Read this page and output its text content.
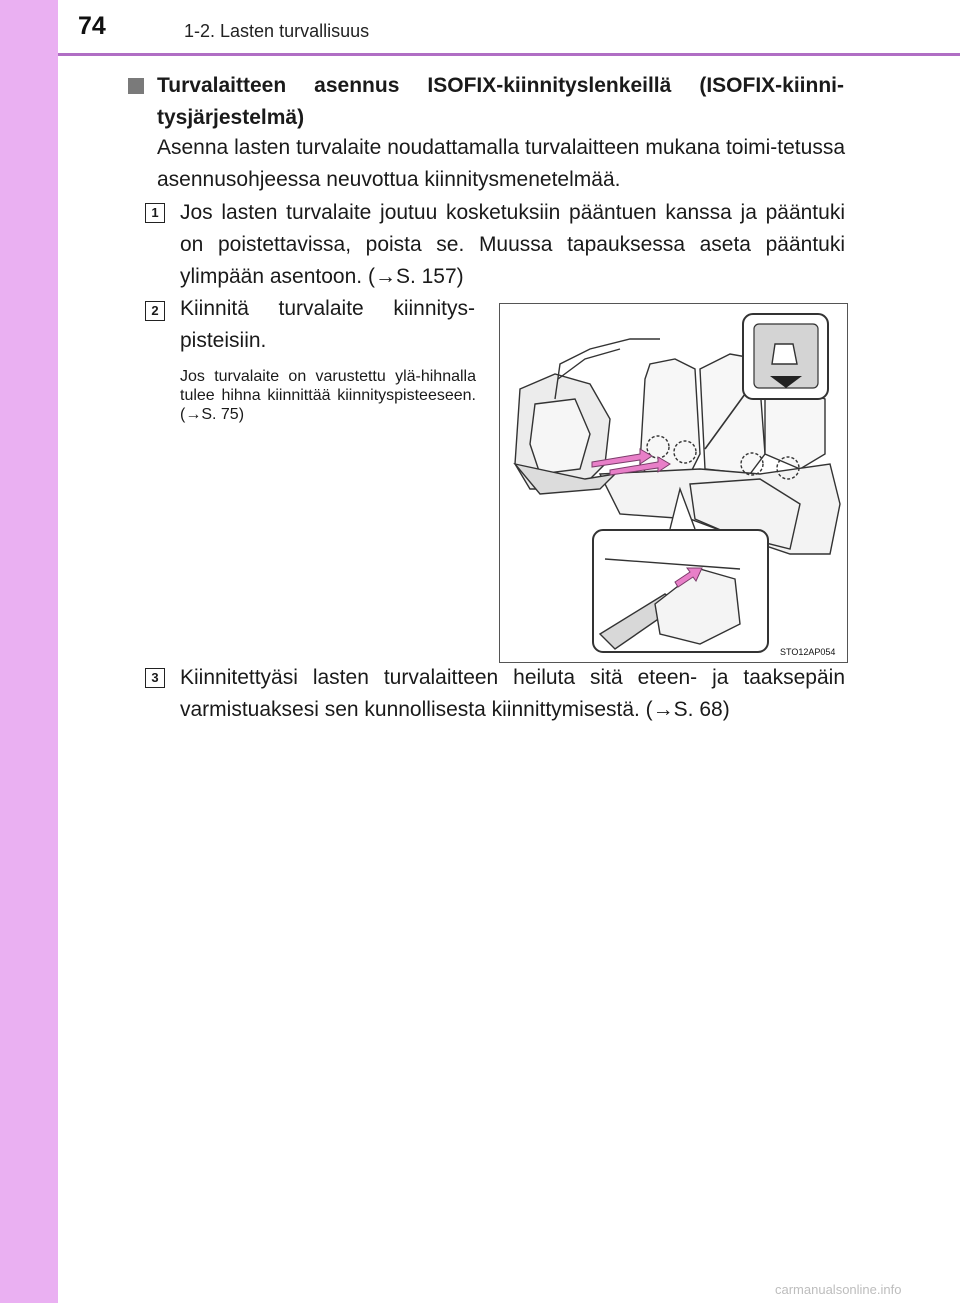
74	1-2. Lasten turvallisuus
Turvalaitteen asennus ISOFIX-kiinnityslenkeillä (ISOFIX-kiinni-tysjärjestelmä)
Asenna lasten turvalaite noudattamalla turvalaitteen mukana toimi-tetussa asennusohjeessa neuvottua kiinnitysmenetelmää.
1	Jos lasten turvalaite joutuu kosketuksiin pääntuen kanssa ja pääntuki on poistettavissa, poista se. Muussa tapauksessa aseta pääntuki ylimpään asentoon. (→S. 157)
2	Kiinnitä turvalaite kiinnitys-pisteisiin.
Jos turvalaite on varustettu ylä-hihnalla tulee hihna kiinnittää kiinnityspisteeseen. (→S. 75)
STO12AP054
3	Kiinnitettyäsi lasten turvalaitteen heiluta sitä eteen- ja taaksepäin varmistuaksesi sen kunnollisesta kiinnittymisestä. (→S. 68)
carmanualsonline.info
